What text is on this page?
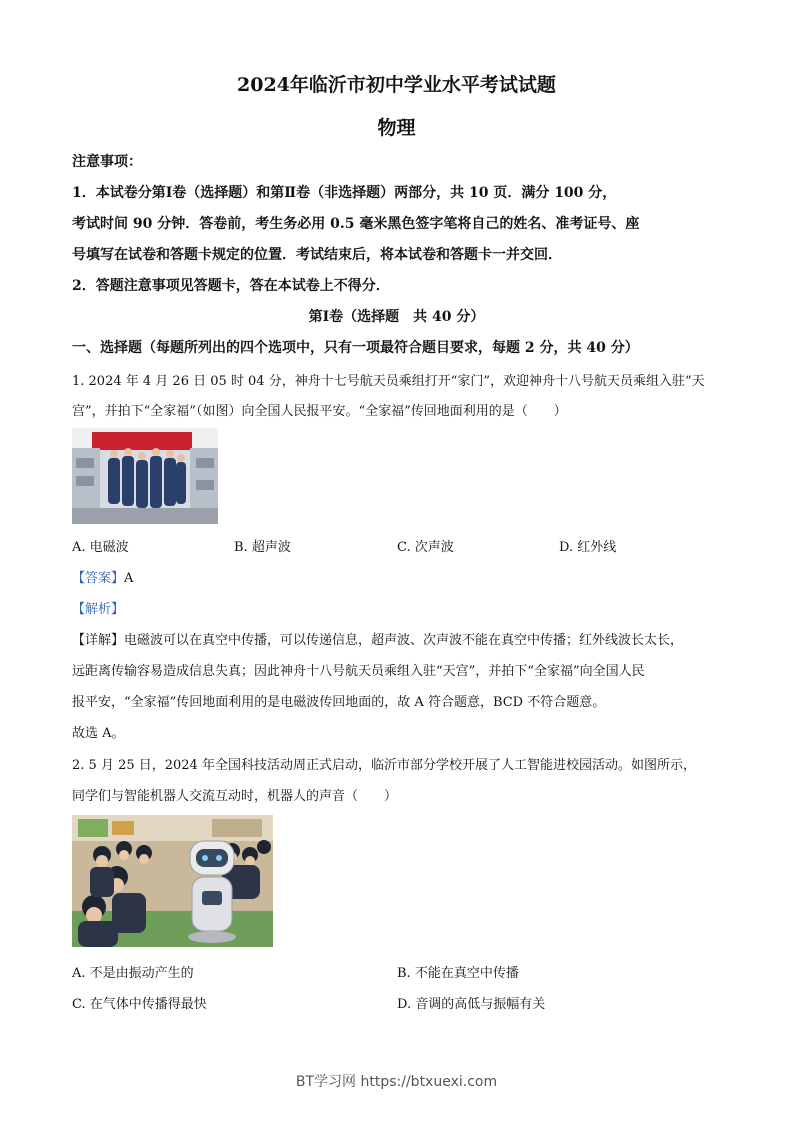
2024年临沂市初中学业水平考试试题
物理
注意事项：
1．本试卷分第Ⅰ卷（选择题）和第Ⅱ卷（非选择题）两部分，共 10 页．满分 100 分，
考试时间 90 分钟．答卷前，考生务必用 0.5 毫米黑色签字笔将自己的姓名、准考证号、座
号填写在试卷和答题卡规定的位置．考试结束后，将本试卷和答题卡一并交回．
2．答题注意事项见答题卡，答在本试卷上不得分．
第Ⅰ卷（选择题　共 40 分）
一、选择题（每题所列出的四个选项中，只有一项最符合题目要求，每题 2 分，共 40 分）
1. 2024 年 4 月 26 日 05 时 04 分，神舟十七号航天员乘组打开“家门”，欢迎神舟十八号航天员乘组入驻“天
宫”，并拍下“全家福”（如图）向全国人民报平安。“全家福”传回地面利用的是（　　）
A. 电磁波	B. 超声波	C. 次声波	D. 红外线
【答案】A
【解析】
【详解】电磁波可以在真空中传播，可以传递信息，超声波、次声波不能在真空中传播；红外线波长太长，
远距离传输容易造成信息失真；因此神舟十八号航天员乘组入驻“天宫”，并拍下“全家福”向全国人民
报平安，“全家福”传回地面利用的是电磁波传回地面的，故 A 符合题意，BCD 不符合题意。
故选 A。
2. 5 月 25 日，2024 年全国科技活动周正式启动，临沂市部分学校开展了人工智能进校园活动。如图所示，
同学们与智能机器人交流互动时，机器人的声音（　　）
A. 不是由振动产生的	B. 不能在真空中传播
C. 在气体中传播得最快	D. 音调的高低与振幅有关
BT学习网 https://btxuexi.com
